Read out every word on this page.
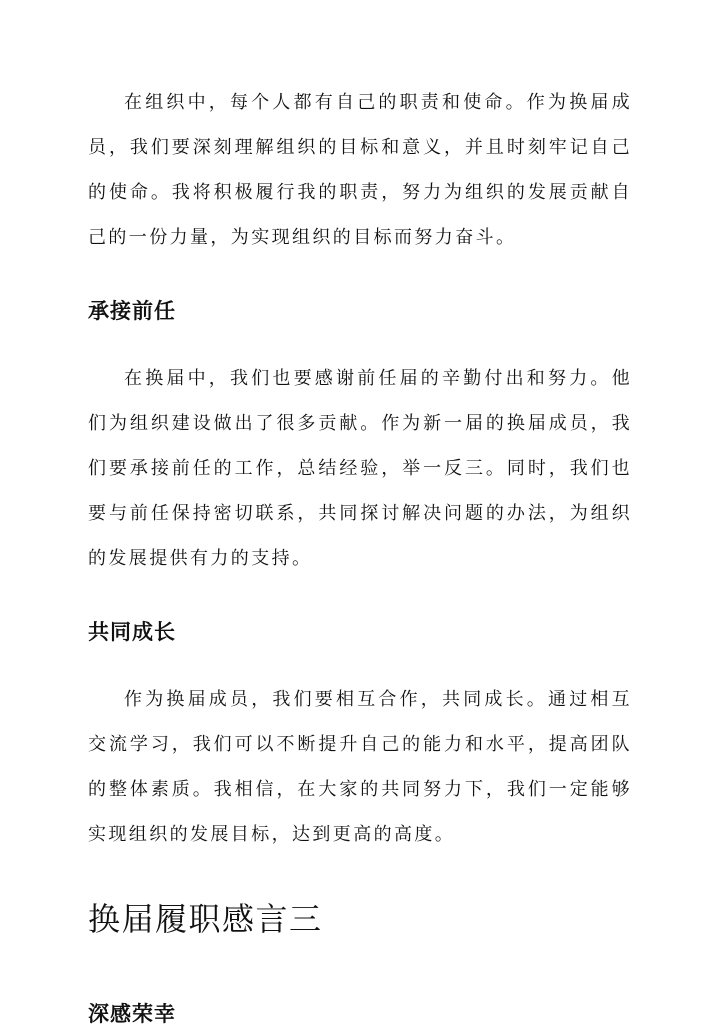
在组织中，每个人都有自己的职责和使命。作为换届成员，我们要深刻理解组织的目标和意义，并且时刻牢记自己的使命。我将积极履行我的职责，努力为组织的发展贡献自己的一份力量，为实现组织的目标而努力奋斗。

承接前任

在换届中，我们也要感谢前任届的辛勤付出和努力。他们为组织建设做出了很多贡献。作为新一届的换届成员，我们要承接前任的工作，总结经验，举一反三。同时，我们也要与前任保持密切联系，共同探讨解决问题的办法，为组织的发展提供有力的支持。

共同成长

作为换届成员，我们要相互合作，共同成长。通过相互交流学习，我们可以不断提升自己的能力和水平，提高团队的整体素质。我相信，在大家的共同努力下，我们一定能够实现组织的发展目标，达到更高的高度。

换届履职感言三
深感荣幸
